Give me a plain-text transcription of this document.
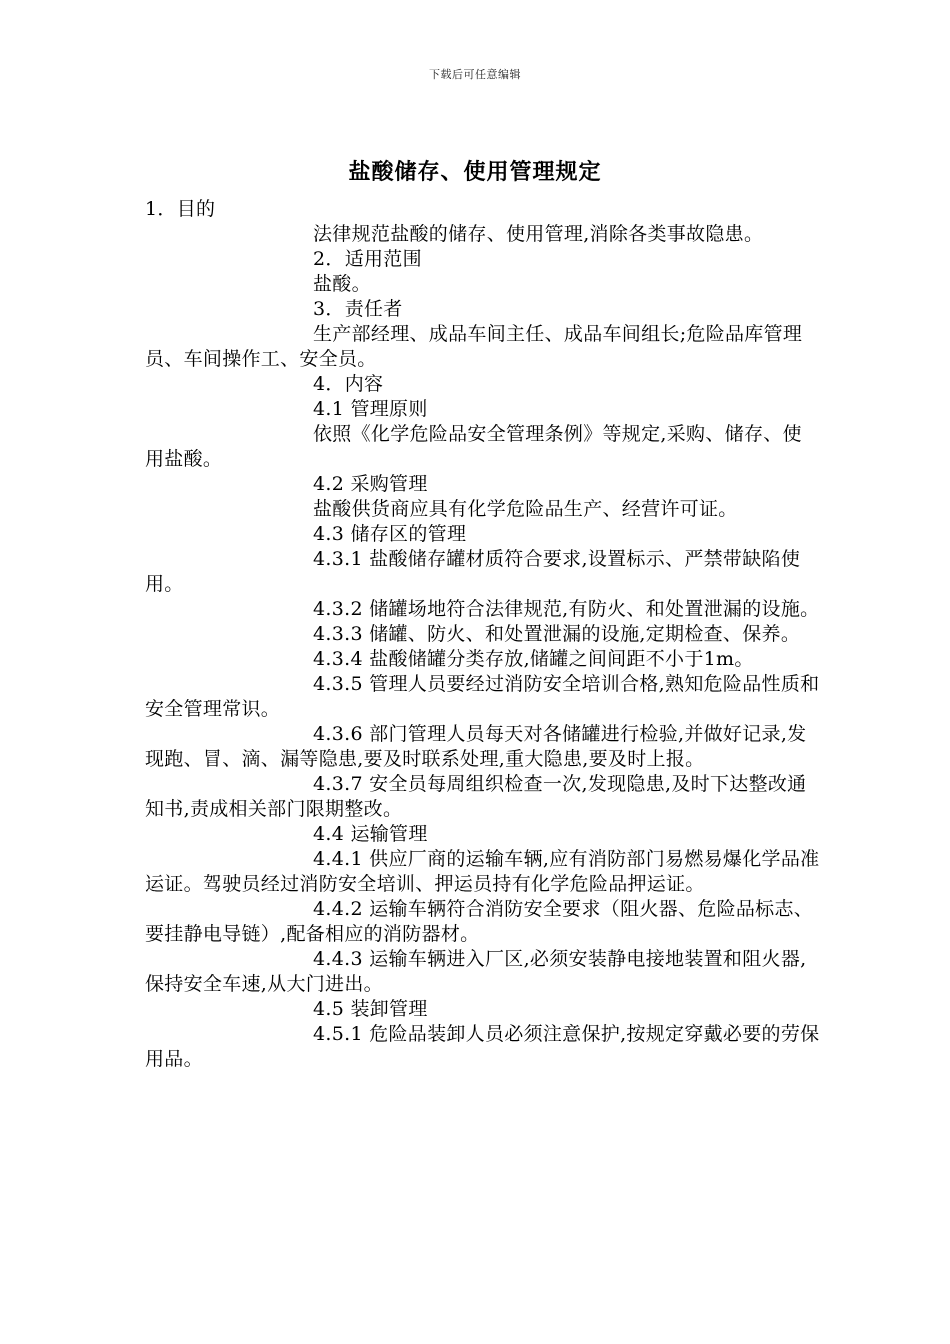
下载后可任意编辑
盐酸储存、使用管理规定

1．目的

法律规范盐酸的储存、使用管理,消除各类事故隐患。

2．适用范围

盐酸。

3．责任者

生产部经理、成品车间主任、成品车间组长;危险品库管理员、车间操作工、安全员。

4．内容

4.1 管理原则

依照《化学危险品安全管理条例》等规定,采购、储存、使用盐酸。

4.2 采购管理

盐酸供货商应具有化学危险品生产、经营许可证。

4.3 储存区的管理

4.3.1 盐酸储存罐材质符合要求,设置标示、严禁带缺陷使用。

4.3.2 储罐场地符合法律规范,有防火、和处置泄漏的设施。

4.3.3 储罐、防火、和处置泄漏的设施,定期检查、保养。

4.3.4 盐酸储罐分类存放,储罐之间间距不小于1m。

4.3.5 管理人员要经过消防安全培训合格,熟知危险品性质和安全管理常识。

4.3.6 部门管理人员每天对各储罐进行检验,并做好记录,发现跑、冒、滴、漏等隐患,要及时联系处理,重大隐患,要及时上报。

4.3.7 安全员每周组织检查一次,发现隐患,及时下达整改通知书,责成相关部门限期整改。

4.4 运输管理

4.4.1 供应厂商的运输车辆,应有消防部门易燃易爆化学品准运证。驾驶员经过消防安全培训、押运员持有化学危险品押运证。

4.4.2 运输车辆符合消防安全要求（阻火器、危险品标志、要挂静电导链）,配备相应的消防器材。

4.4.3 运输车辆进入厂区,必须安装静电接地装置和阻火器,保持安全车速,从大门进出。

4.5 装卸管理

4.5.1 危险品装卸人员必须注意保护,按规定穿戴必要的劳保用品。
